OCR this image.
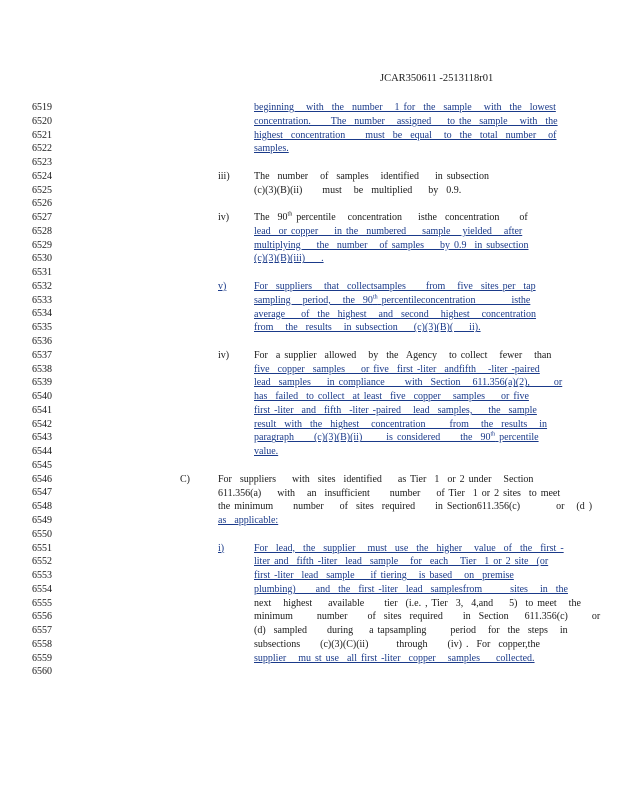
JCAR350611 -2513118r01
6519
6520
6521
6522
6523
6524
6525
6526
6527
6528
6529
6530
6531
6532
6533
6534
6535
6536
6537
6538
6539
6540
6541
6542
6543
6544
6545
6546
6547
6548
6549
6550
6551
6552
6553
6554
6555
6556
6557
6558
6559
6560
beginning   with  the  number   1 for  the  sample   with  the  lowest
concentration.     The  number   assigned    to the  sample   with  the
highest  concentration     must  be  equal   to  the  total  number   of
samples.
iii) The  number   of  samples   identified    in subsection
(c)(3)(B)(ii)     must   be  multiplied    by  0.9.
iv) The  90th percentile   concentration    isthe  concentration     of
lead  or copper    in the  numbered    sample   yielded   after
multiplying    the  number   of samples    by 0.9  in subsection
(c)(3)(B)(iii)    .
v)	For  suppliers   that  collectsamples     from   five  sites per  tap
sampling   period,   the  90th percentileconcentration         isthe
average    of  the  highest   and  second   highest   concentration
from   the  results   in subsection    (c)(3)(B)(    ii).
iv) For  a supplier  allowed   by  the  Agency   to collect   fewer   than
five  copper  samples    or five  first -liter  andfifth   -liter -paired
lead  samples    in compliance     with  Section   611.356(a)(2),      or
has  failed  to collect  at least  five  copper   samples    or five
first -liter  and  fifth  -liter -paired   lead  samples,    the  sample
result  with  the  highest   concentration      from   the  results   in
paragraph     (c)(3)(B)(ii)      is considered     the  90th percentile
value.
C)	For  suppliers    with  sites  identified    as Tier  1  or 2 under   Section
611.356(a)    with   an  insufficient     number    of Tier  1 or 2 sites  to meet
the minimum     number    of  sites  required     in Section611.356(c)         or   (d )
as  applicable:
i)	For  lead,  the  supplier   must  use  the  higher   value  of  the  first -
liter and  fifth -liter  lead  sample   for  each   Tier  1 or 2 site  (or
first -liter  lead  sample    if tiering   is based   on  premise
plumbing)     and  the  first -liter  lead  samplesfrom       sites   in  the
next   highest    available     tier  (i.e. , Tier  3,  4,and    5)  to meet   the
minimum      number     of  sites  required     in  Section    611.356(c)      or
(d)  sampled     during    a tapsampling      period   for  the  steps   in
subsections     (c)(3)(C)(ii)       through     (iv) .  For  copper,the
supplier   mu st use  all first -liter  copper   samples    collected.
